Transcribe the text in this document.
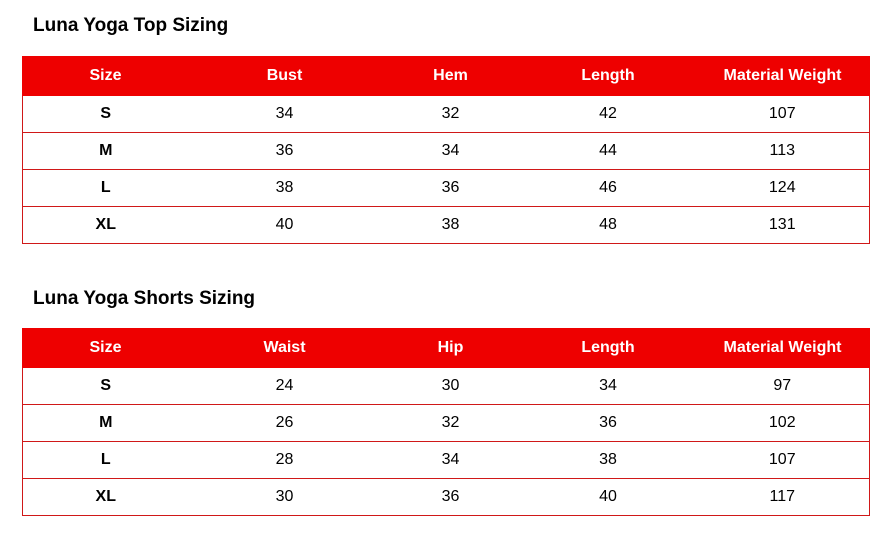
Luna Yoga Top Sizing
Size	Bust	Hem	Length	Material Weight
S	34	32	42	107
M	36	34	44	113
L	38	36	46	124
XL	40	38	48	131
Luna Yoga Shorts Sizing
Size	Waist	Hip	Length	Material Weight
S	24	30	34	97
M	26	32	36	102
L	28	34	38	107
XL	30	36	40	117
